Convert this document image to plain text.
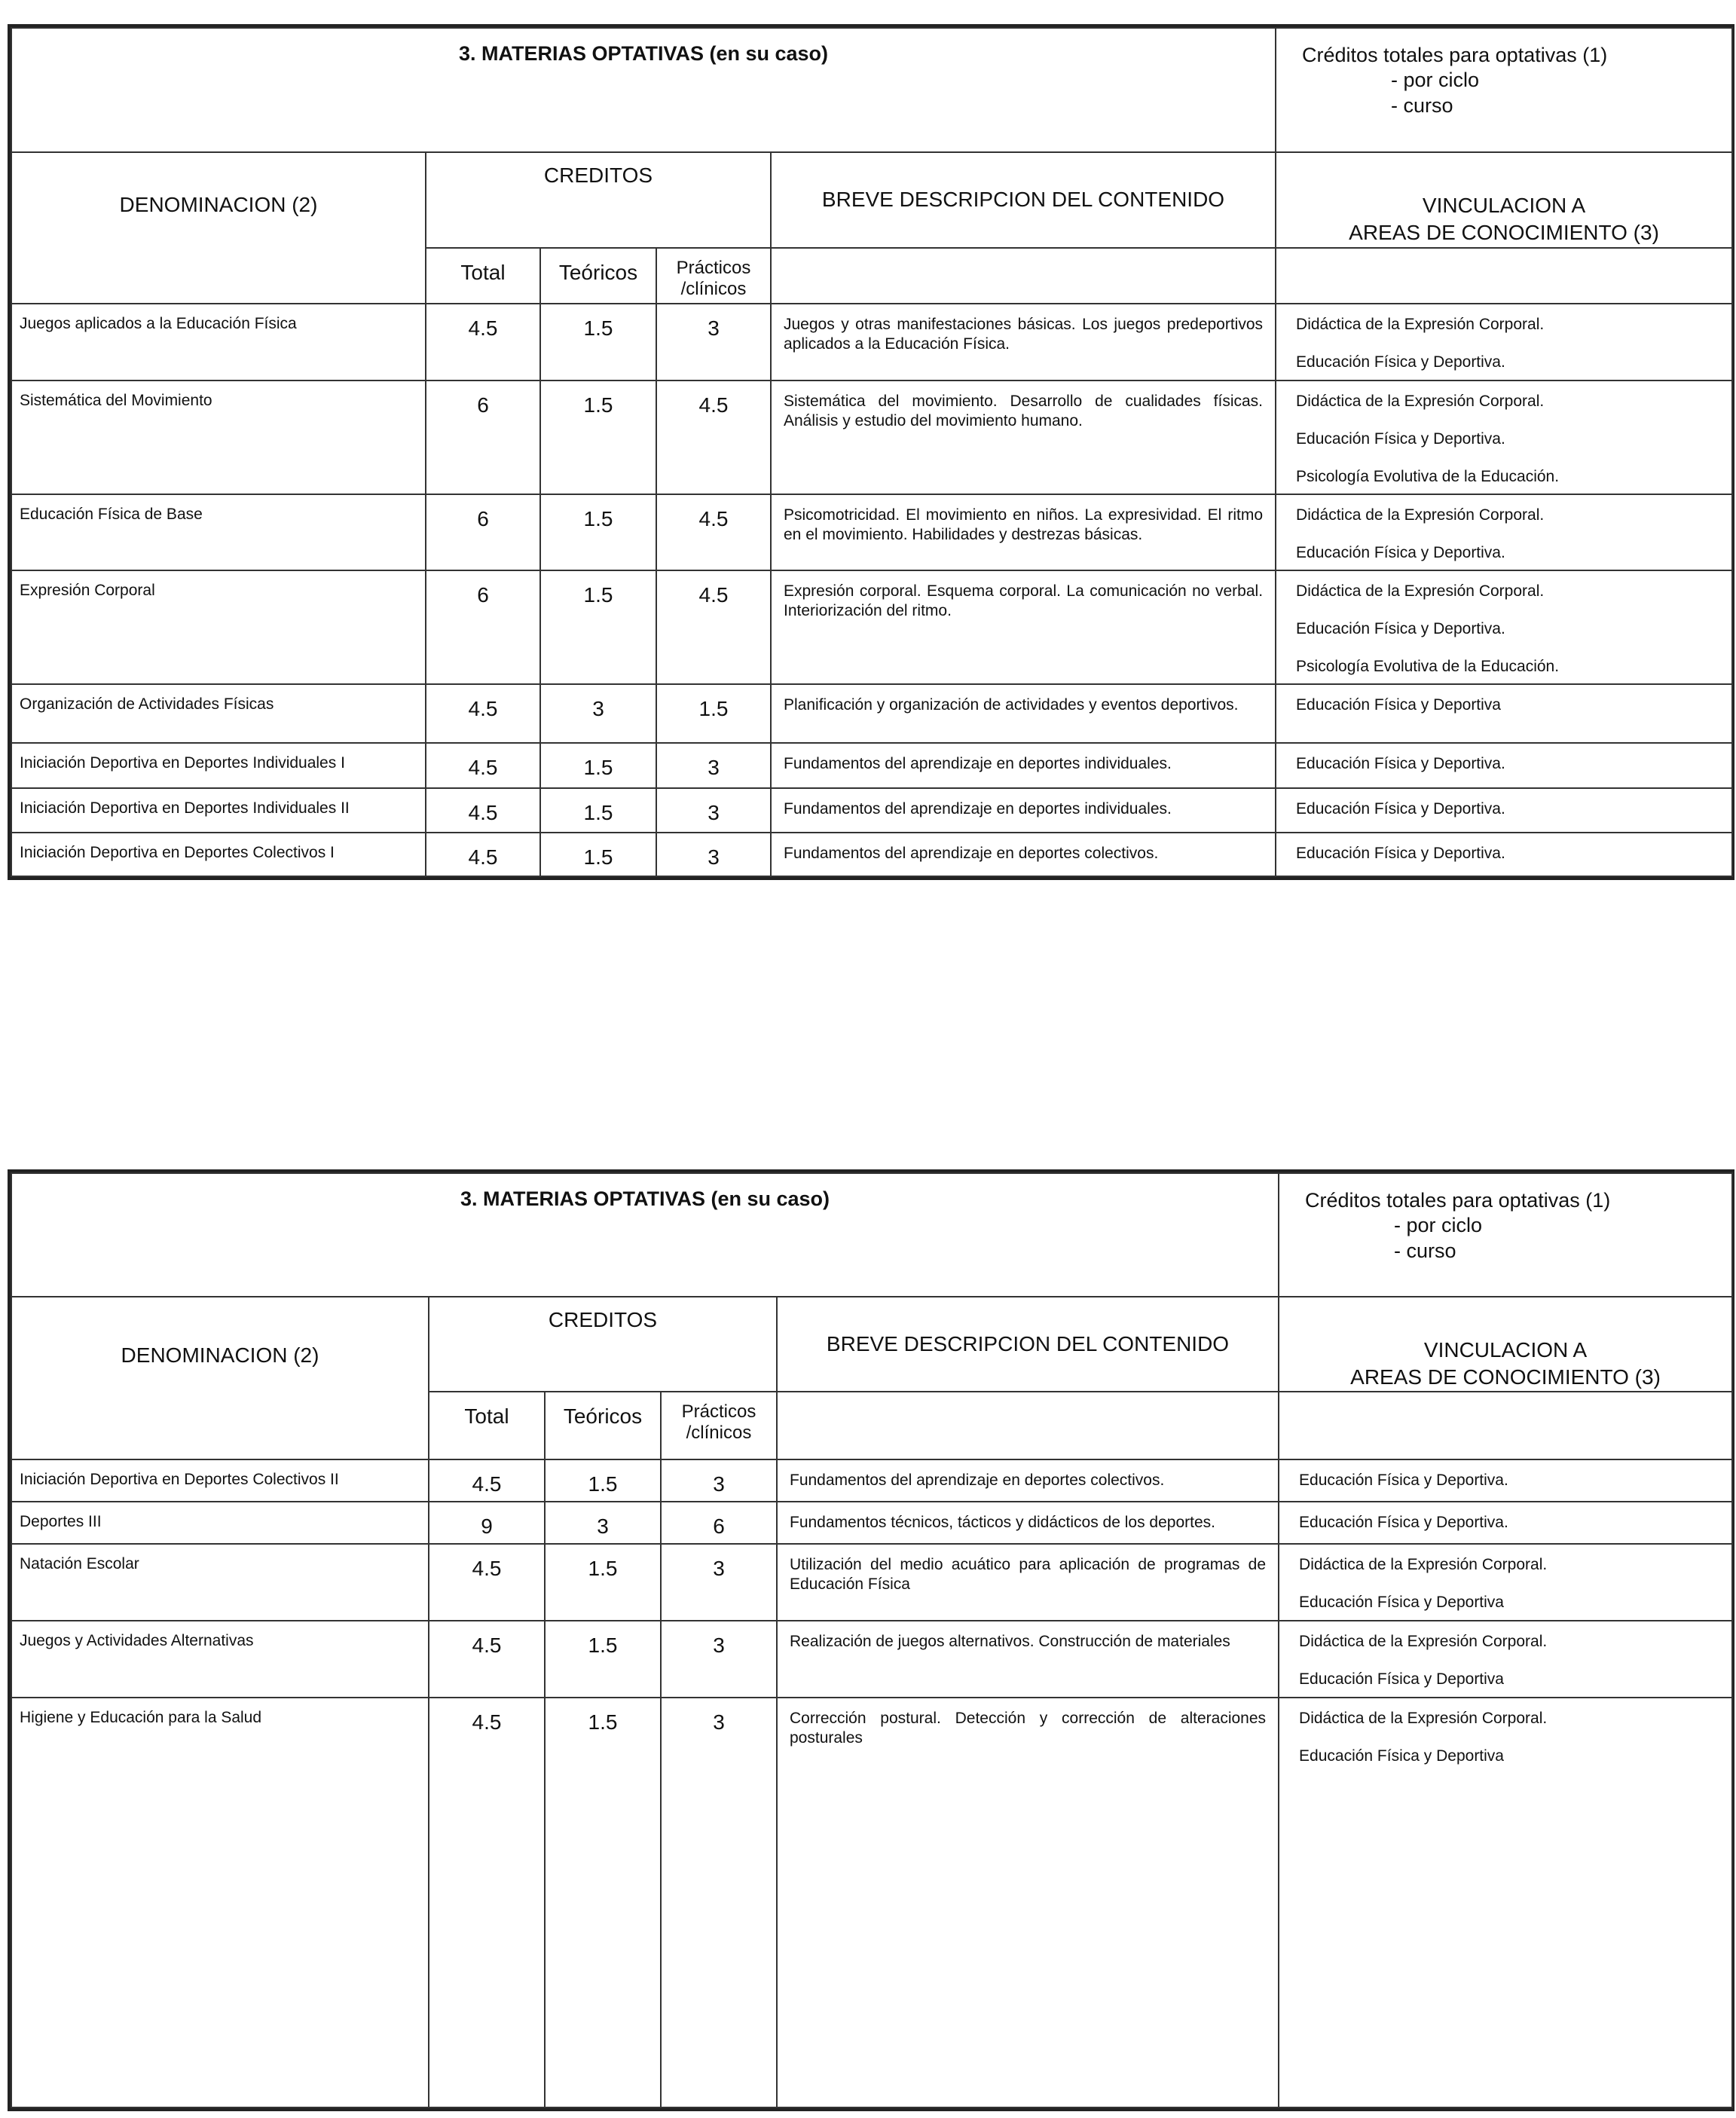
3. MATERIAS OPTATIVAS (en su caso)					Créditos totales para optativas (1)
- por ciclo
- curso

DENOMINACION (2)	CREDITOS			BREVE DESCRIPCION DEL CONTENIDO	VINCULACION A
AREAS DE CONOCIMIENTO (3)

	Total	Teóricos	Prácticos
/clínicos		

Juegos aplicados a la Educación Física	4.5	1.5	3	Juegos y otras manifestaciones básicas. Los juegos predeportivos aplicados a la Educación Física.	Didáctica de la Expresión Corporal.
Educación Física y Deportiva.

Sistemática del Movimiento	6	1.5	4.5	Sistemática del movimiento. Desarrollo de cualidades físicas. Análisis y estudio del movimiento humano.	Didáctica de la Expresión Corporal.
Educación Física y Deportiva.
Psicología Evolutiva de la Educación.

Educación Física de Base	6	1.5	4.5	Psicomotricidad. El movimiento en niños. La expresividad. El ritmo en el movimiento. Habilidades y destrezas básicas.	Didáctica de la Expresión Corporal.
Educación Física y Deportiva.

Expresión Corporal	6	1.5	4.5	Expresión corporal. Esquema corporal. La comunicación no verbal. Interiorización del ritmo.	Didáctica de la Expresión Corporal.
Educación Física y Deportiva.
Psicología Evolutiva de la Educación.

Organización de Actividades Físicas	4.5	3	1.5	Planificación y organización de actividades y eventos deportivos.	Educación Física y Deportiva

Iniciación Deportiva en Deportes Individuales I	4.5	1.5	3	Fundamentos del aprendizaje en deportes individuales.	Educación Física y Deportiva.

Iniciación Deportiva en Deportes Individuales II	4.5	1.5	3	Fundamentos del aprendizaje en deportes individuales.	Educación Física y Deportiva.

Iniciación Deportiva en Deportes Colectivos I	4.5	1.5	3	Fundamentos del aprendizaje en deportes colectivos.	Educación Física y Deportiva.
3. MATERIAS OPTATIVAS (en su caso)					Créditos totales para optativas (1)
- por ciclo
- curso

DENOMINACION (2)	CREDITOS			BREVE DESCRIPCION DEL CONTENIDO	VINCULACION A
AREAS DE CONOCIMIENTO (3)

	Total	Teóricos	Prácticos
/clínicos		

Iniciación Deportiva en Deportes Colectivos II	4.5	1.5	3	Fundamentos del aprendizaje en deportes colectivos.	Educación Física y Deportiva.

Deportes III	9	3	6	Fundamentos técnicos, tácticos y didácticos de los deportes.	Educación Física y Deportiva.

Natación Escolar	4.5	1.5	3	Utilización del medio acuático para aplicación de programas de Educación Física	Didáctica de la Expresión Corporal.
Educación Física y Deportiva

Juegos y Actividades Alternativas	4.5	1.5	3	Realización de juegos alternativos. Construcción de materiales	Didáctica de la Expresión Corporal.
Educación Física y Deportiva

Higiene y Educación para la Salud	4.5	1.5	3	Corrección postural. Detección y corrección de alteraciones posturales	Didáctica de la Expresión Corporal.
Educación Física y Deportiva
